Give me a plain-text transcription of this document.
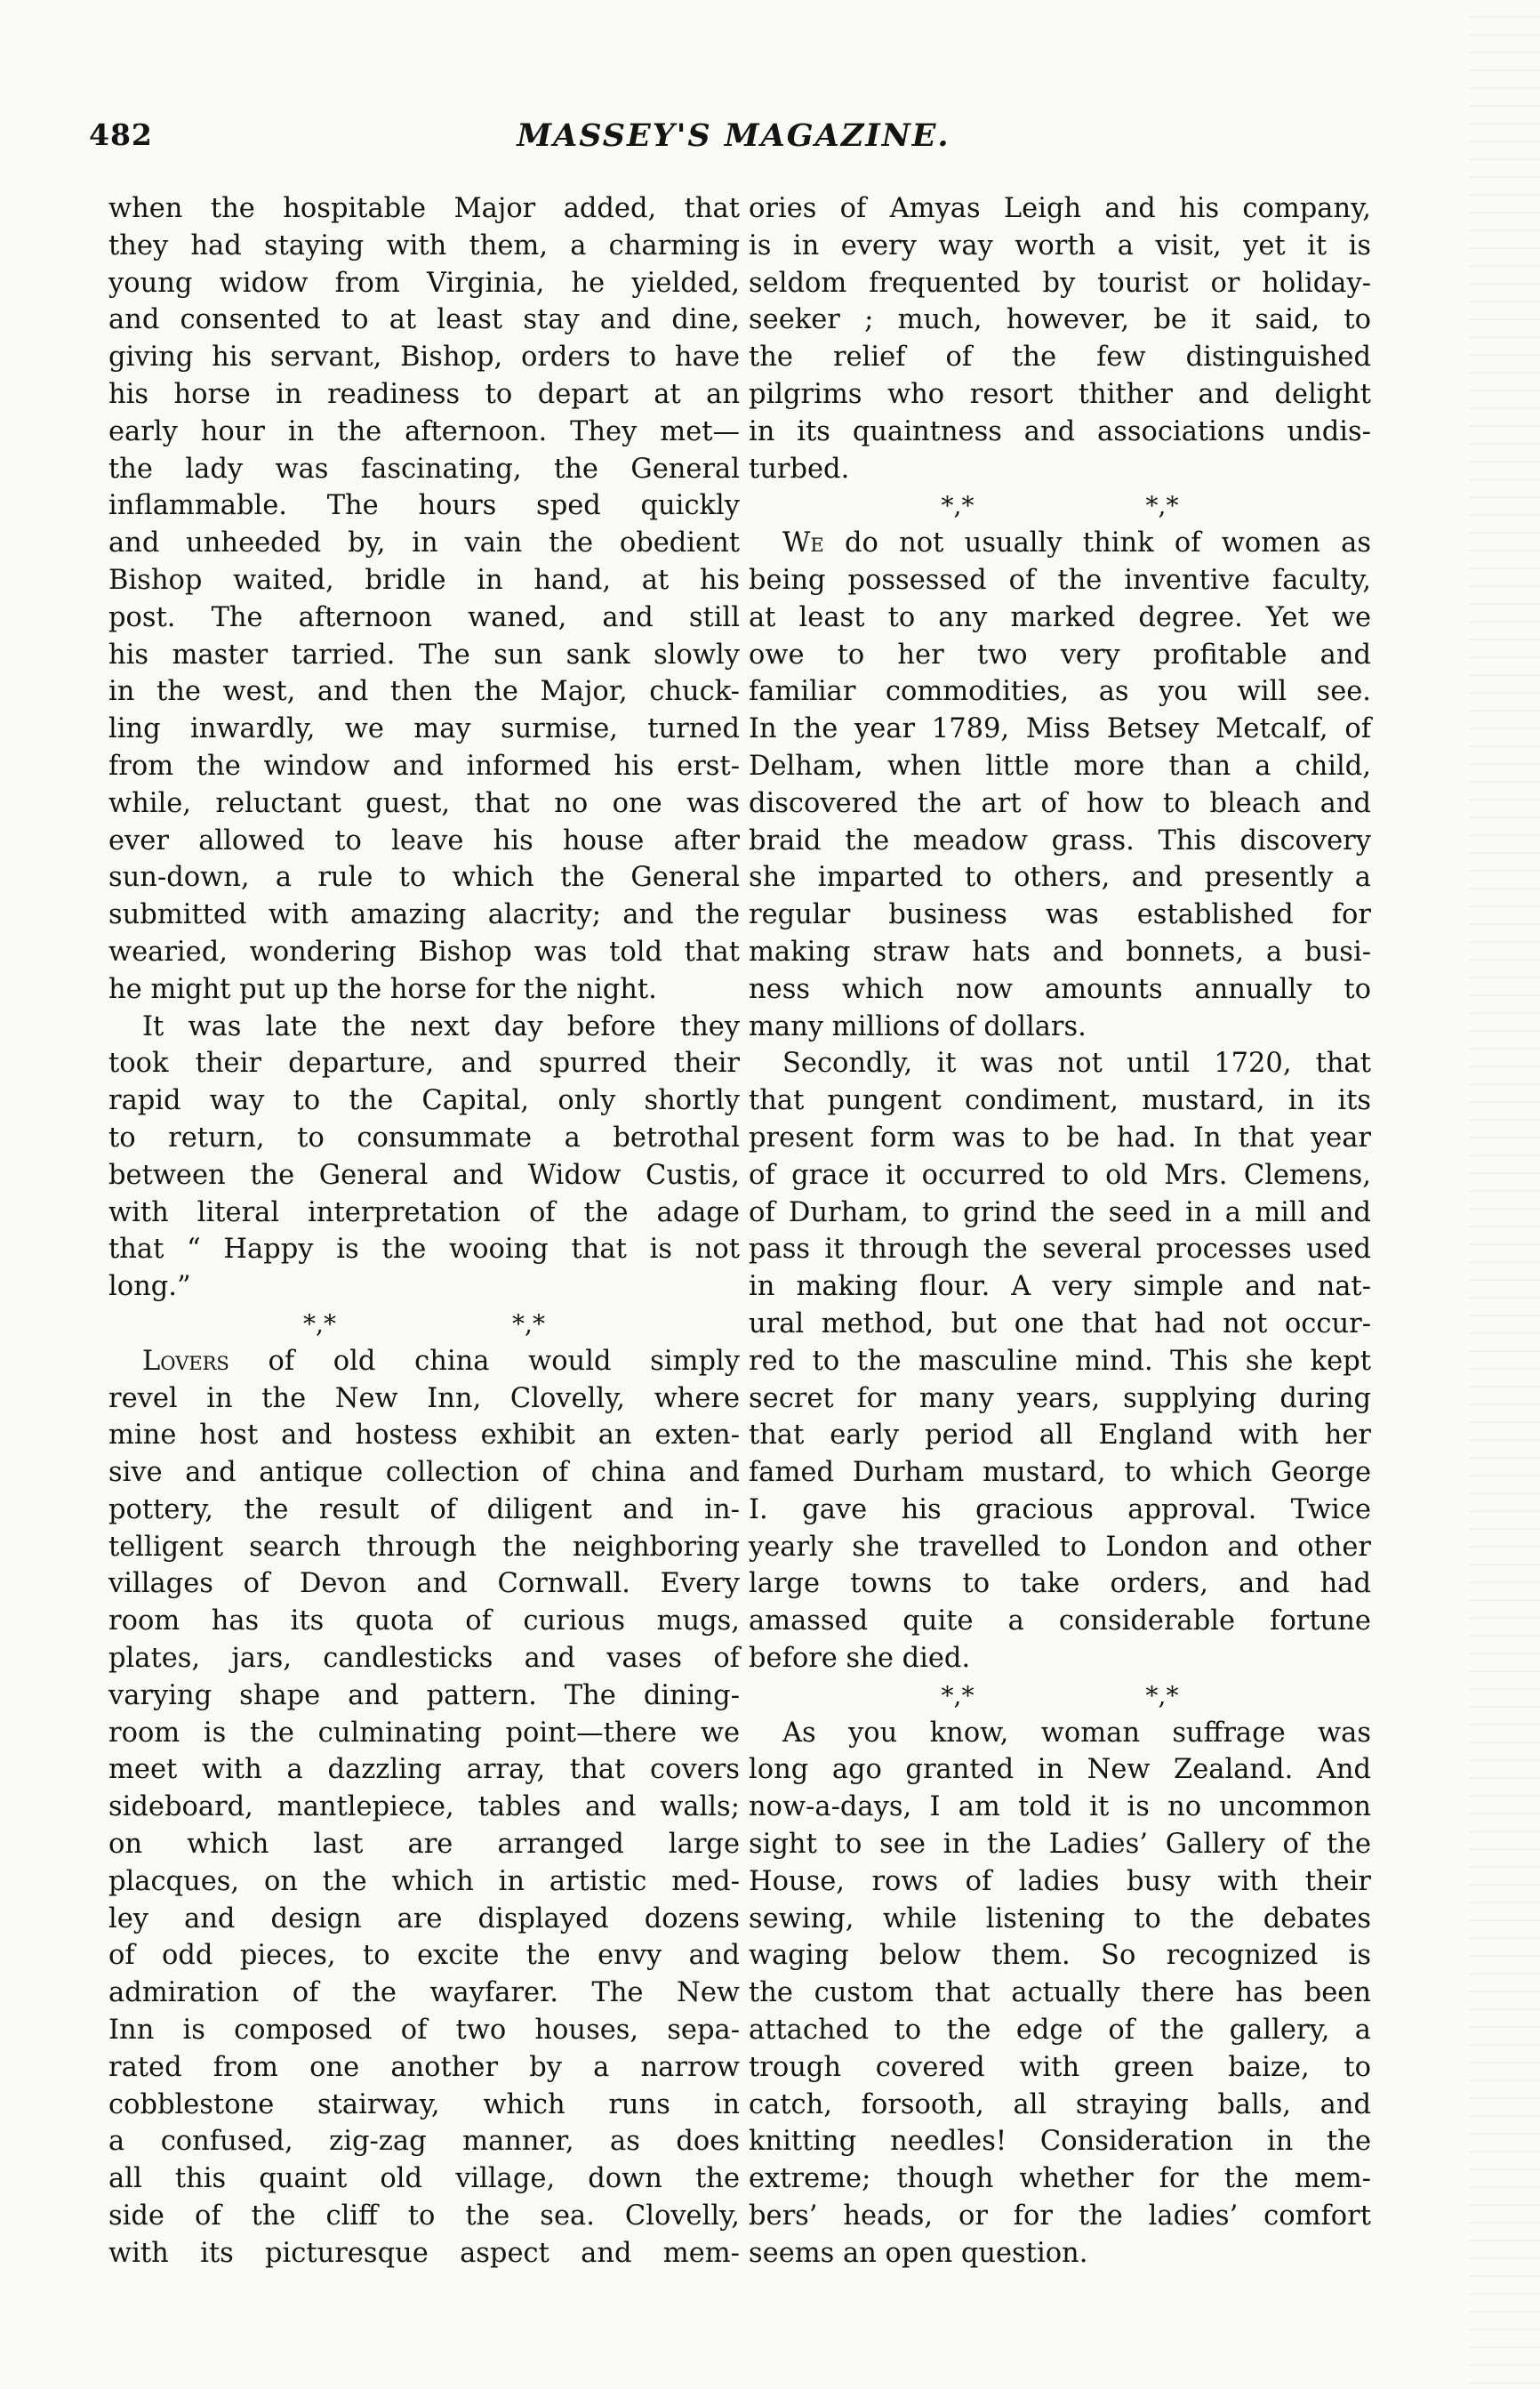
482	MASSEY'S MAGAZINE.
when the hospitable Major added, that
they had staying with them, a charming
young widow from Virginia, he yielded,
and consented to at least stay and dine,
giving his servant, Bishop, orders to have
his horse in readiness to depart at an
early hour in the afternoon. They met—
the lady was fascinating, the General
inflammable. The hours sped quickly
and unheeded by, in vain the obedient
Bishop waited, bridle in hand, at his
post. The afternoon waned, and still
his master tarried. The sun sank slowly
in the west, and then the Major, chuck-
ling inwardly, we may surmise, turned
from the window and informed his erst-
while, reluctant guest, that no one was
ever allowed to leave his house after
sun-down, a rule to which the General
submitted with amazing alacrity; and the
wearied, wondering Bishop was told that
he might put up the horse for the night.
It was late the next day before they
took their departure, and spurred their
rapid way to the Capital, only shortly
to return, to consummate a betrothal
between the General and Widow Custis,
with literal interpretation of the adage
that “ Happy is the wooing that is not
long.”
*,*	*,*
Lovers of old china would simply
revel in the New Inn, Clovelly, where
mine host and hostess exhibit an exten-
sive and antique collection of china and
pottery, the result of diligent and in-
telligent search through the neighboring
villages of Devon and Cornwall. Every
room has its quota of curious mugs,
plates, jars, candlesticks and vases of
varying shape and pattern. The dining-
room is the culminating point—there we
meet with a dazzling array, that covers
sideboard, mantlepiece, tables and walls;
on which last are arranged large
placques, on the which in artistic med-
ley and design are displayed dozens
of odd pieces, to excite the envy and
admiration of the wayfarer. The New
Inn is composed of two houses, sepa-
rated from one another by a narrow
cobblestone stairway, which runs in
a confused, zig-zag manner, as does
all this quaint old village, down the
side of the cliff to the sea. Clovelly,
with its picturesque aspect and mem-
ories of Amyas Leigh and his company,
is in every way worth a visit, yet it is
seldom frequented by tourist or holiday-
seeker ; much, however, be it said, to
the relief of the few distinguished
pilgrims who resort thither and delight
in its quaintness and associations undis-
turbed.
*,*	*,*
We do not usually think of women as
being possessed of the inventive faculty,
at least to any marked degree. Yet we
owe to her two very profitable and
familiar commodities, as you will see.
In the year 1789, Miss Betsey Metcalf, of
Delham, when little more than a child,
discovered the art of how to bleach and
braid the meadow grass. This discovery
she imparted to others, and presently a
regular business was established for
making straw hats and bonnets, a busi-
ness which now amounts annually to
many millions of dollars.
Secondly, it was not until 1720, that
that pungent condiment, mustard, in its
present form was to be had. In that year
of grace it occurred to old Mrs. Clemens,
of Durham, to grind the seed in a mill and
pass it through the several processes used
in making flour. A very simple and nat-
ural method, but one that had not occur-
red to the masculine mind. This she kept
secret for many years, supplying during
that early period all England with her
famed Durham mustard, to which George
I. gave his gracious approval. Twice
yearly she travelled to London and other
large towns to take orders, and had
amassed quite a considerable fortune
before she died.
*,*	*,*
As you know, woman suffrage was
long ago granted in New Zealand. And
now-a-days, I am told it is no uncommon
sight to see in the Ladies’ Gallery of the
House, rows of ladies busy with their
sewing, while listening to the debates
waging below them. So recognized is
the custom that actually there has been
attached to the edge of the gallery, a
trough covered with green baize, to
catch, forsooth, all straying balls, and
knitting needles! Consideration in the
extreme; though whether for the mem-
bers’ heads, or for the ladies’ comfort
seems an open question.
